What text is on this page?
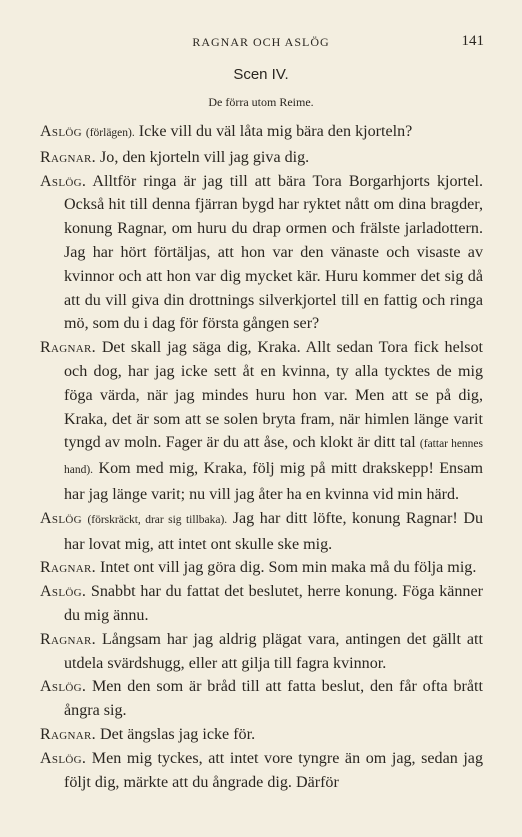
RAGNAR OCH ASLÖG	141
Scen IV.
De förra utom Reime.

Aslög (förlägen). Icke vill du väl låta mig bära den kjorteln?

Ragnar. Jo, den kjorteln vill jag giva dig.

Aslög. Alltför ringa är jag till att bära Tora Borgarhjorts kjortel. Också hit till denna fjärran bygd har ryktet nått om dina bragder, konung Ragnar, om huru du drap ormen och frälste jarladottern. Jag har hört förtäljas, att hon var den vänaste och visaste av kvinnor och att hon var dig mycket kär. Huru kommer det sig då att du vill giva din drottnings silverkjortel till en fattig och ringa mö, som du i dag för första gången ser?

Ragnar. Det skall jag säga dig, Kraka. Allt sedan Tora fick helsot och dog, har jag icke sett åt en kvinna, ty alla tycktes de mig föga värda, när jag mindes huru hon var. Men att se på dig, Kraka, det är som att se solen bryta fram, när himlen länge varit tyngd av moln. Fager är du att åse, och klokt är ditt tal (fattar hennes hand). Kom med mig, Kraka, följ mig på mitt drakskepp! Ensam har jag länge varit; nu vill jag åter ha en kvinna vid min härd.

Aslög (förskräckt, drar sig tillbaka). Jag har ditt löfte, konung Ragnar! Du har lovat mig, att intet ont skulle ske mig.

Ragnar. Intet ont vill jag göra dig. Som min maka må du följa mig.

Aslög. Snabbt har du fattat det beslutet, herre konung. Föga känner du mig ännu.

Ragnar. Långsam har jag aldrig plägat vara, antingen det gällt att utdela svärdshugg, eller att gilja till fagra kvinnor.

Aslög. Men den som är bråd till att fatta beslut, den får ofta brått ångra sig.

Ragnar. Det ängslas jag icke för.

Aslög. Men mig tyckes, att intet vore tyngre än om jag, sedan jag följt dig, märkte att du ångrade dig. Därför
